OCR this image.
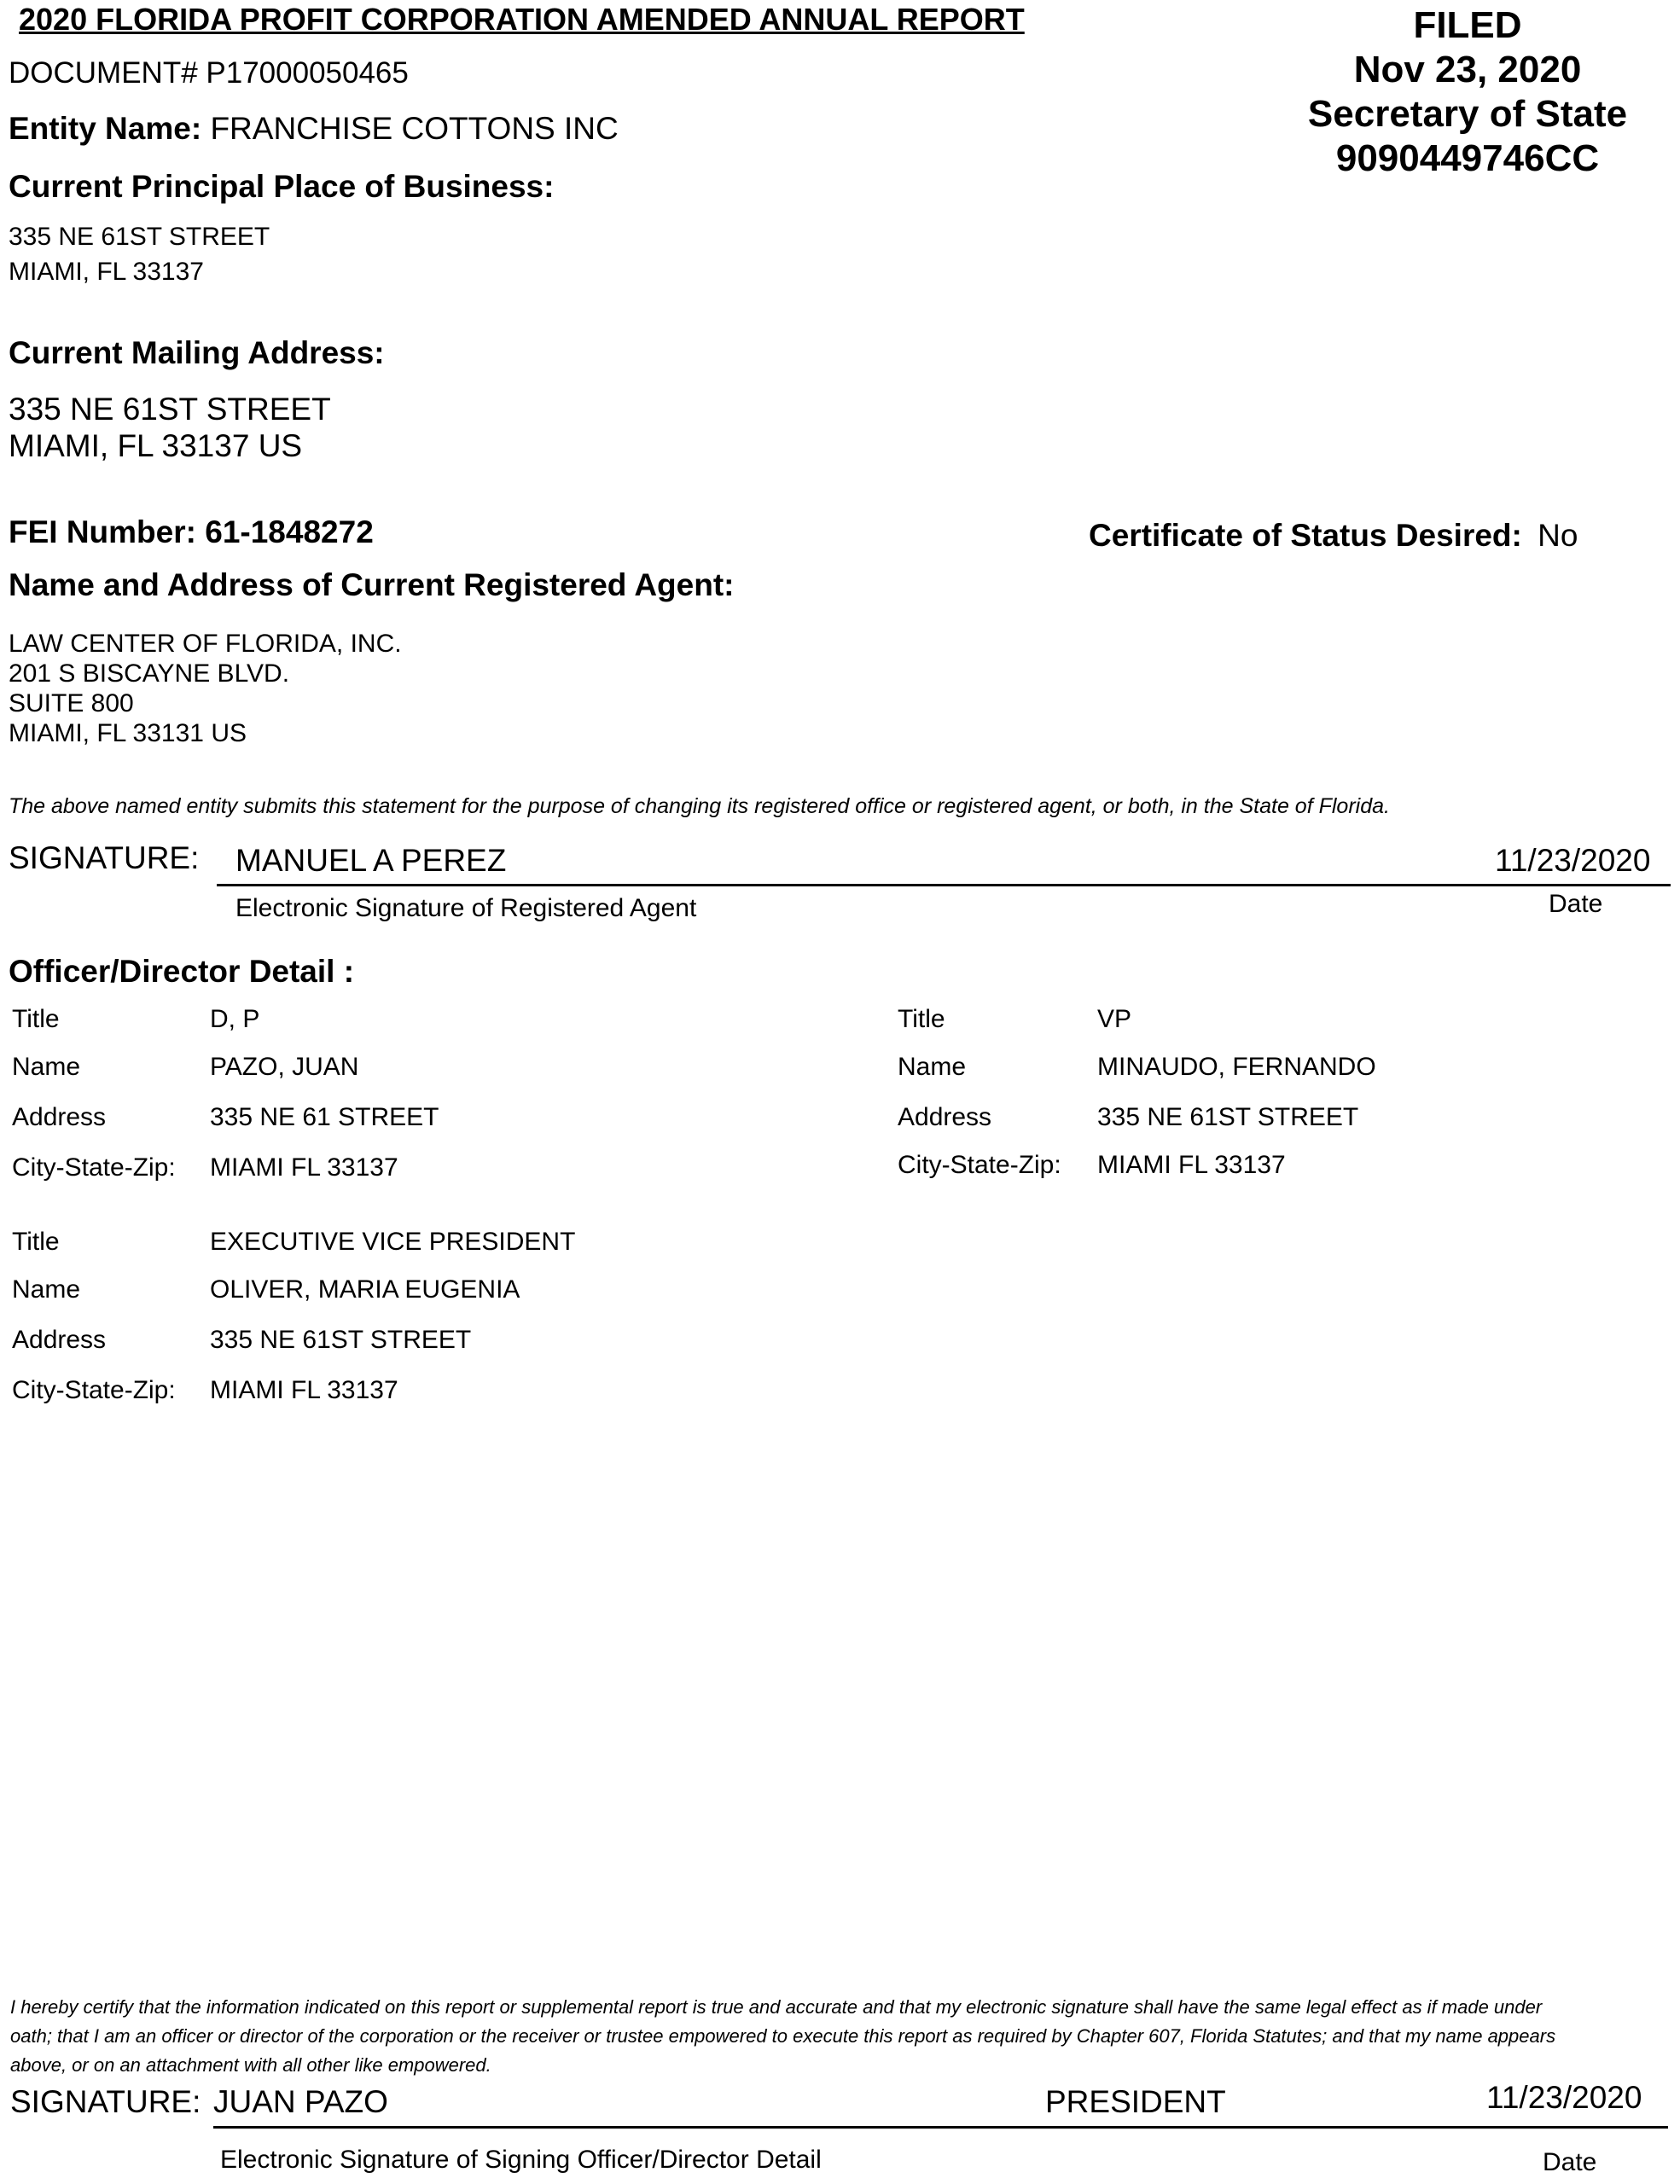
2020 FLORIDA PROFIT CORPORATION AMENDED ANNUAL REPORT
DOCUMENT# P17000050465
FILED
Nov 23, 2020
Secretary of State
9090449746CC
Entity Name: FRANCHISE COTTONS INC
Current Principal Place of Business:
335 NE 61ST STREET
MIAMI, FL 33137
Current Mailing Address:
335 NE 61ST STREET
MIAMI, FL 33137 US
FEI Number: 61-1848272	Certificate of Status Desired: No
Name and Address of Current Registered Agent:
LAW CENTER OF FLORIDA, INC.
201 S BISCAYNE BLVD.
SUITE 800
MIAMI, FL 33131 US
The above named entity submits this statement for the purpose of changing its registered office or registered agent, or both, in the State of Florida.
SIGNATURE: MANUEL A PEREZ	11/23/2020
Electronic Signature of Registered Agent	Date
Officer/Director Detail :
Title	D, P
Name	PAZO, JUAN
Address	335 NE 61 STREET
City-State-Zip: MIAMI FL 33137
Title	VP
Name	MINAUDO, FERNANDO
Address	335 NE 61ST STREET
City-State-Zip: MIAMI FL 33137
Title	EXECUTIVE VICE PRESIDENT
Name	OLIVER, MARIA EUGENIA
Address	335 NE 61ST STREET
City-State-Zip: MIAMI FL 33137
I hereby certify that the information indicated on this report or supplemental report is true and accurate and that my electronic signature shall have the same legal effect as if made under
oath; that I am an officer or director of the corporation or the receiver or trustee empowered to execute this report as required by Chapter 607, Florida Statutes; and that my name appears
above, or on an attachment with all other like empowered.
SIGNATURE: JUAN PAZO	PRESIDENT	11/23/2020
Electronic Signature of Signing Officer/Director Detail	Date
